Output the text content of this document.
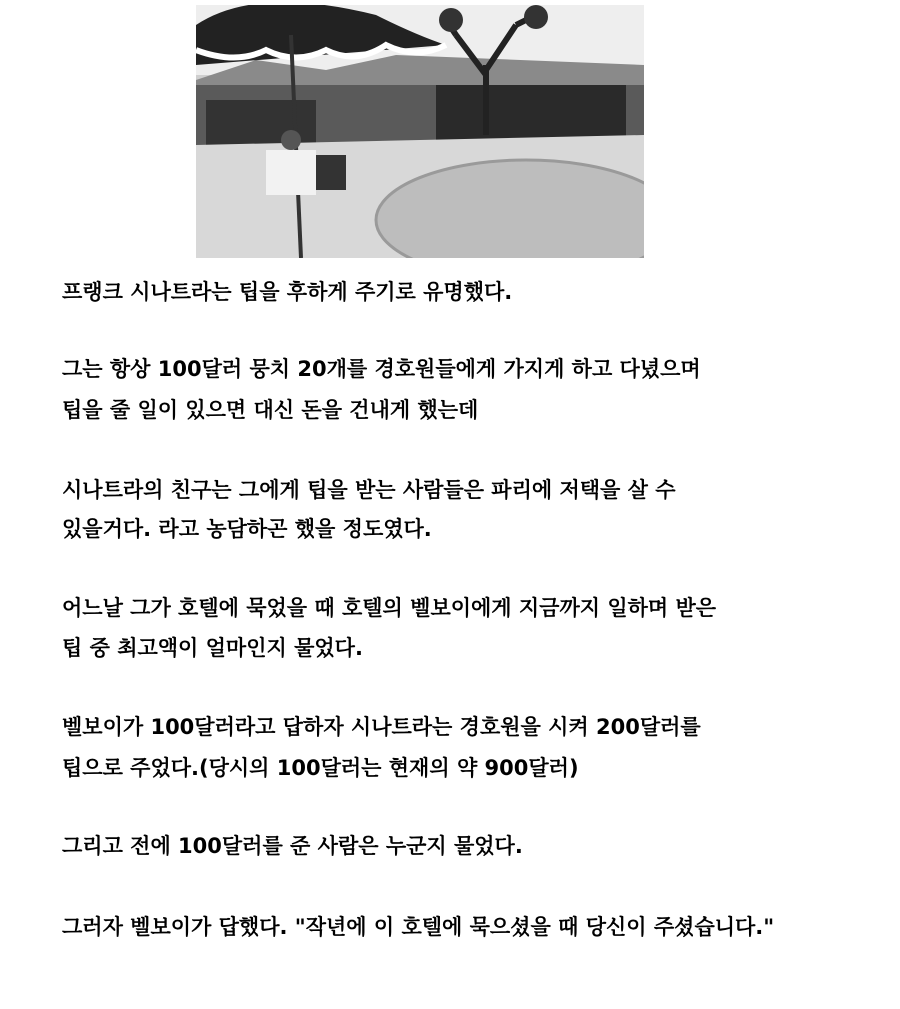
프랭크 시나트라는 팁을 후하게 주기로 유명했다.
그는 항상 100달러 뭉치 20개를 경호원들에게 가지게 하고 다녔으며
팁을 줄 일이 있으면 대신 돈을 건내게 했는데
시나트라의 친구는 그에게 팁을 받는 사람들은 파리에 저택을 살 수
있을거다. 라고 농담하곤 했을 정도였다.
어느날 그가 호텔에 묵었을 때 호텔의 벨보이에게 지금까지 일하며 받은
팁 중 최고액이 얼마인지 물었다.
벨보이가 100달러라고 답하자 시나트라는 경호원을 시켜 200달러를
팁으로 주었다.(당시의 100달러는 현재의 약 900달러)
그리고 전에 100달러를 준 사람은 누군지 물었다.
그러자 벨보이가 답했다. "작년에 이 호텔에 묵으셨을 때 당신이 주셨습니다."
